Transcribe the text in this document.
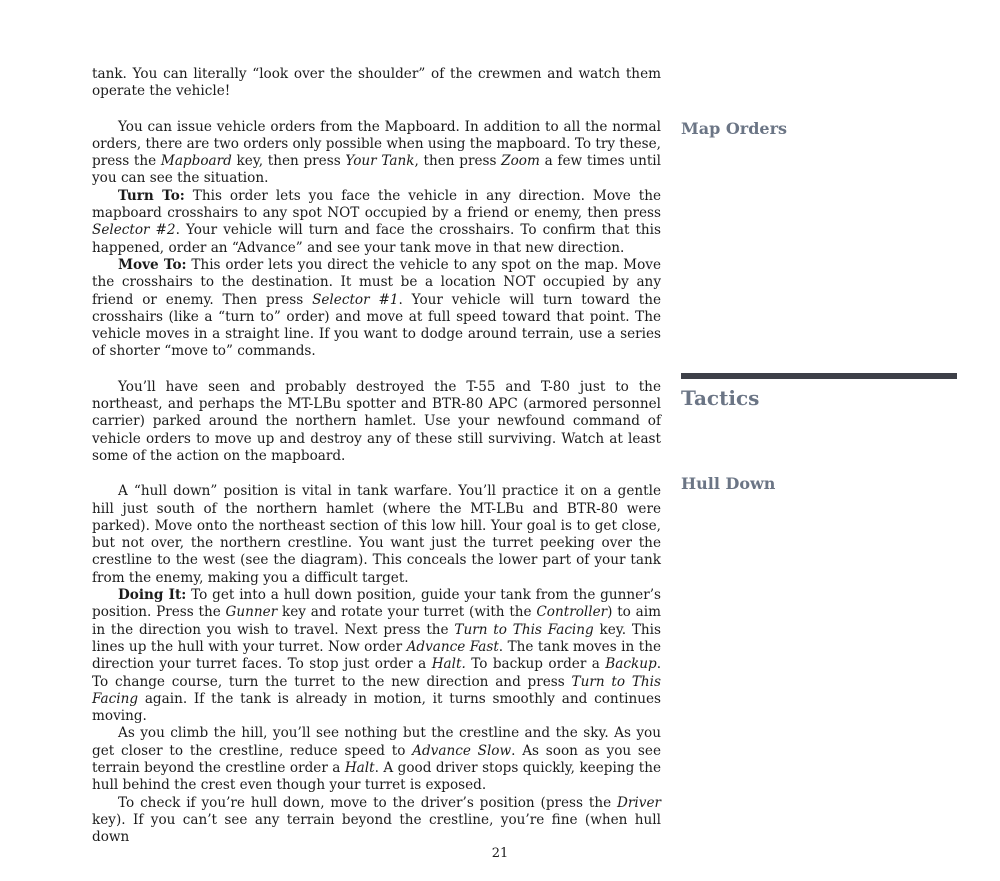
tank. You can literally “look over the shoulder” of the crewmen and watch them operate the vehicle!

You can issue vehicle orders from the Mapboard. In addition to all the normal orders, there are two orders only possible when using the mapboard. To try these, press the Mapboard key, then press Your Tank, then press Zoom a few times until you can see the situation.

Turn To: This order lets you face the vehicle in any direction. Move the mapboard crosshairs to any spot NOT occupied by a friend or enemy, then press Selector #2. Your vehicle will turn and face the crosshairs. To confirm that this happened, order an “Advance” and see your tank move in that new direction.

Move To: This order lets you direct the vehicle to any spot on the map. Move the crosshairs to the destination. It must be a location NOT occupied by any friend or enemy. Then press Selector #1. Your vehicle will turn toward the crosshairs (like a “turn to” order) and move at full speed toward that point. The vehicle moves in a straight line. If you want to dodge around terrain, use a series of shorter “move to” commands.

You’ll have seen and probably destroyed the T-55 and T-80 just to the northeast, and perhaps the MT-LBu spotter and BTR-80 APC (armored personnel carrier) parked around the northern hamlet. Use your newfound command of vehicle orders to move up and destroy any of these still surviving. Watch at least some of the action on the mapboard.

A “hull down” position is vital in tank warfare. You’ll practice it on a gentle hill just south of the northern hamlet (where the MT-LBu and BTR-80 were parked). Move onto the northeast section of this low hill. Your goal is to get close, but not over, the northern crestline. You want just the turret peeking over the crestline to the west (see the diagram). This conceals the lower part of your tank from the enemy, making you a difficult target.

Doing It: To get into a hull down position, guide your tank from the gunner’s position. Press the Gunner key and rotate your turret (with the Controller) to aim in the direction you wish to travel. Next press the Turn to This Facing key. This lines up the hull with your turret. Now order Advance Fast. The tank moves in the direction your turret faces. To stop just order a Halt. To backup order a Backup. To change course, turn the turret to the new direction and press Turn to This Facing again. If the tank is already in motion, it turns smoothly and continues moving.

As you climb the hill, you’ll see nothing but the crestline and the sky. As you get closer to the crestline, reduce speed to Advance Slow. As soon as you see terrain beyond the crestline order a Halt. A good driver stops quickly, keeping the hull behind the crest even though your turret is exposed.

To check if you’re hull down, move to the driver’s position (press the Driver key). If you can’t see any terrain beyond the crestline, you’re fine (when hull down

Map Orders
Tactics
Hull Down
21
